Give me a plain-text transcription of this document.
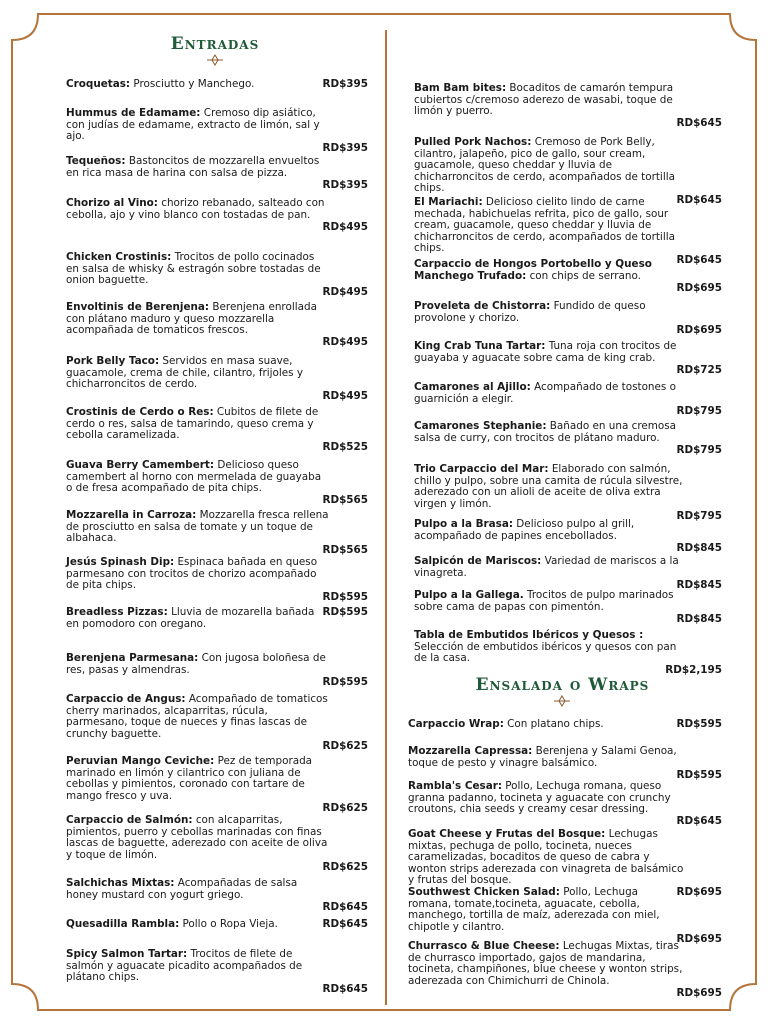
Entradas
Ensalada o Wraps
Croquetas: Prosciutto y Manchego.	RD$395
Hummus de Edamame: Cremoso dip asiático, con judías de edamame, extracto de limón, sal y ajo.
RD$395
Tequeños: Bastoncitos de mozzarella envueltos en rica masa de harina con salsa de pizza.
RD$395
Chorizo al Vino: chorizo rebanado, salteado con cebolla, ajo y vino blanco con tostadas de pan.
RD$495
Chicken Crostinis: Trocitos de pollo cocinados en salsa de whisky & estragón sobre tostadas de onion baguette.
RD$495
Envoltinis de Berenjena: Berenjena enrollada con plátano maduro y queso mozzarella acompañada de tomaticos frescos.
RD$495
Pork Belly Taco: Servidos en masa suave, guacamole, crema de chile, cilantro, frijoles y chicharroncitos de cerdo.
RD$495
Crostinis de Cerdo o Res: Cubitos de filete de cerdo o res, salsa de tamarindo, queso crema y cebolla caramelizada.
RD$525
Guava Berry Camembert: Delicioso queso camembert al horno con mermelada de guayaba o de fresa acompañado de pita chips.
RD$565
Mozzarella in Carroza: Mozzarella fresca rellena de prosciutto en salsa de tomate y un toque de albahaca.
RD$565
Jesús Spinash Dip: Espinaca bañada en queso parmesano con trocitos de chorizo acompañado de pita chips.
RD$595
Breadless Pizzas: Lluvia de mozarella bañada en pomodoro con oregano.
RD$595
Berenjena Parmesana: Con jugosa boloñesa de res, pasas y almendras.
RD$595
Carpaccio de Angus: Acompañado de tomaticos cherry marinados, alcaparritas, rúcula, parmesano, toque de nueces y finas lascas de crunchy baguette.
RD$625
Peruvian Mango Ceviche: Pez de temporada marinado en limón y cilantrico con juliana de cebollas y pimientos, coronado con tartare de mango fresco y uva.
RD$625
Carpaccio de Salmón: con alcaparritas, pimientos, puerro y cebollas marinadas con finas lascas de baguette, aderezado con aceite de oliva y toque de limón.
RD$625
Salchichas Mixtas: Acompañadas de salsa honey mustard con yogurt griego.
RD$645
Quesadilla Rambla: Pollo o Ropa Vieja.	RD$645
Spicy Salmon Tartar: Trocitos de filete de salmón y aguacate picadito acompañados de plátano chips.
RD$645
Bam Bam bites: Bocaditos de camarón tempura cubiertos c/cremoso aderezo de wasabi, toque de limón y puerro.
RD$645
Pulled Pork Nachos: Cremoso de Pork Belly, cilantro, jalapeño, pico de gallo, sour cream, guacamole, queso cheddar y lluvia de chicharroncitos de cerdo, acompañados de tortilla chips.
RD$645
El Mariachi: Delicioso cielito lindo de carne mechada, habichuelas refrita, pico de gallo, sour cream, guacamole, queso cheddar y lluvia de chicharroncitos de cerdo, acompañados de tortilla chips.
RD$645
Carpaccio de Hongos Portobello y Queso Manchego Trufado: con chips de serrano.
RD$695
Proveleta de Chistorra: Fundido de queso provolone y chorizo.
RD$695
King Crab Tuna Tartar: Tuna roja con trocitos de guayaba y aguacate sobre cama de king crab.
RD$725
Camarones al Ajillo: Acompañado de tostones o guarnición a elegir.
RD$795
Camarones Stephanie: Bañado en una cremosa salsa de curry, con trocitos de plátano maduro.
RD$795
Trio Carpaccio del Mar: Elaborado con salmón, chillo y pulpo, sobre una camita de rúcula silvestre, aderezado con un alioli de aceite de oliva extra virgen y limón.
RD$795
Pulpo a la Brasa: Delicioso pulpo al grill, acompañado de papines encebollados.
RD$845
Salpicón de Mariscos: Variedad de mariscos a la vinagreta.
RD$845
Pulpo a la Gallega. Trocitos de pulpo marinados sobre cama de papas con pimentón.
RD$845
Tabla de Embutidos Ibéricos y Quesos : Selección de embutidos ibéricos y quesos con pan de la casa.
RD$2,195
Carpaccio Wrap: Con platano chips.	RD$595
Mozzarella Capressa: Berenjena y Salami Genoa, toque de pesto y vinagre balsámico.
RD$595
Rambla's Cesar: Pollo, Lechuga romana, queso granna padanno, tocineta y aguacate con crunchy croutons, chia seeds y creamy cesar dressing.
RD$645
Goat Cheese y Frutas del Bosque: Lechugas mixtas, pechuga de pollo, tocineta, nueces caramelizadas, bocaditos de queso de cabra y wonton strips aderezada con vinagreta de balsámico y frutas del bosque.
RD$695
Southwest Chicken Salad: Pollo, Lechuga romana, tomate,tocineta, aguacate, cebolla, manchego, tortilla de maíz, aderezada con miel, chipotle y cilantro.
RD$695
Churrasco & Blue Cheese: Lechugas Mixtas, tiras de churrasco importado, gajos de mandarina, tocineta, champiñones, blue cheese y wonton strips, aderezada con Chimichurri de Chinola.
RD$695
